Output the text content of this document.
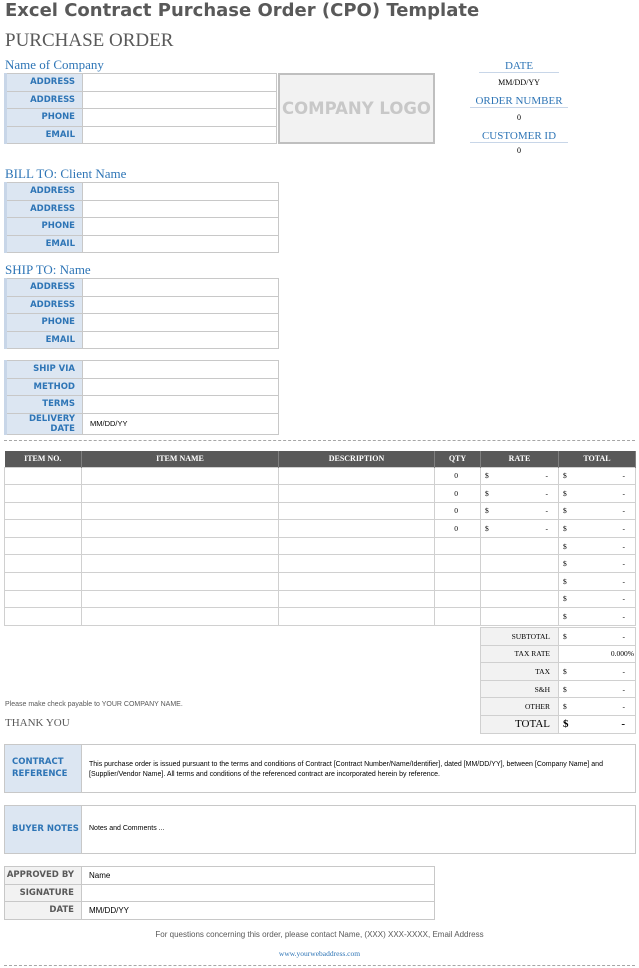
Excel Contract Purchase Order (CPO) Template
PURCHASE ORDER
Name of Company
ADDRESS	
ADDRESS	
PHONE	
EMAIL	
COMPANY LOGO
DATE
MM/DD/YY
ORDER NUMBER
0
CUSTOMER ID
0
BILL TO: Client Name
ADDRESS	
ADDRESS	
PHONE	
EMAIL	
SHIP TO: Name
ADDRESS	
ADDRESS	
PHONE	
EMAIL	
SHIP VIA	
METHOD	
TERMS	
DELIVERY DATE	MM/DD/YY
ITEM NO.	ITEM NAME	DESCRIPTION	QTY	RATE	TOTAL
			0	$ -	$ -

			0	$ -	$ -

			0	$ -	$ -

			0	$ -	$ -

					$ -

					$ -

					$ -

					$ -

					$ -
SUBTOTAL	$ -

TAX RATE	0.000%

TAX	$ -

S&H	$ -

OTHER	$ -

TOTAL	$ -
Please make check payable to YOUR COMPANY NAME.
THANK YOU
CONTRACT
REFERENCE
This purchase order is issued pursuant to the terms and conditions of Contract [Contract Number/Name/Identifier], dated [MM/DD/YY], between [Company Name] and [Supplier/Vendor Name]. All terms and conditions of the referenced contract are incorporated herein by reference.
BUYER NOTES	Notes and Comments ...
APPROVED BY	Name
SIGNATURE	
DATE	MM/DD/YY
For questions concerning this order, please contact Name, (XXX) XXX-XXXX, Email Address
www.yourwebaddress.com
